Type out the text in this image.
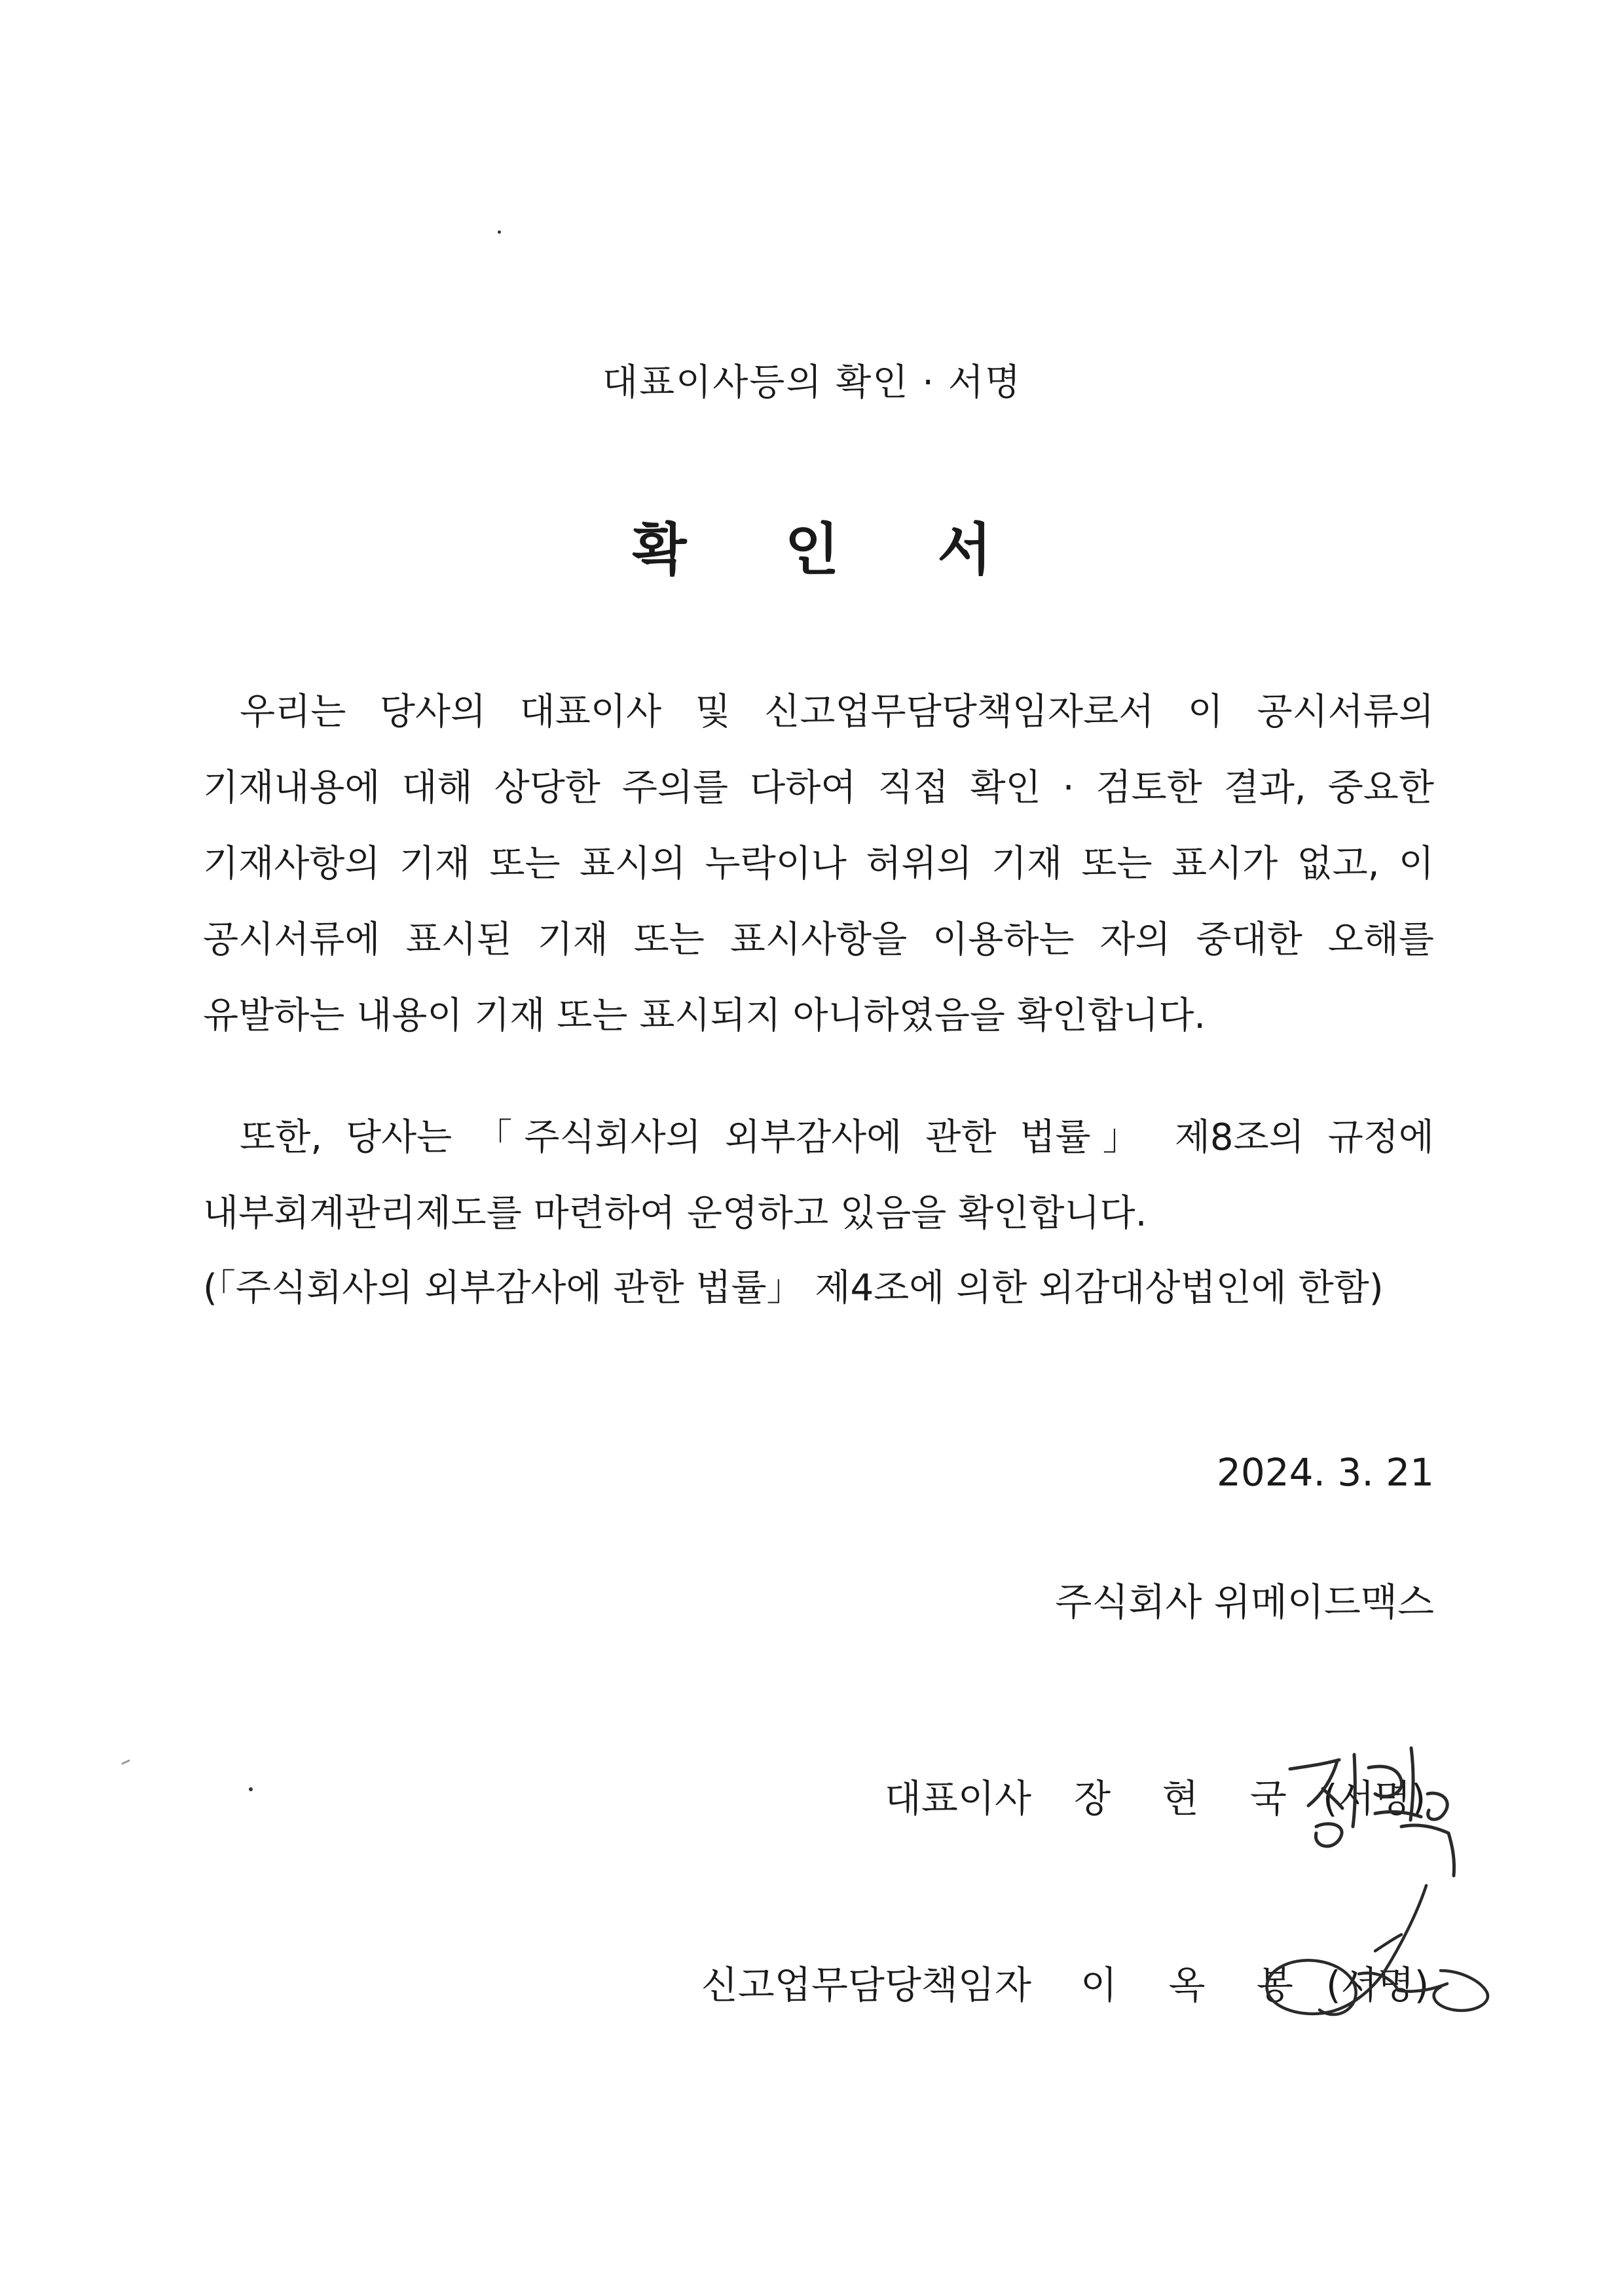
대표이사등의 확인 · 서명
확 인 서
우리는 당사의 대표이사 및 신고업무담당책임자로서 이 공시서류의 기재내용에 대해 상당한 주의를 다하여 직접 확인 · 검토한 결과, 중요한 기재사항의 기재 또는 표시의 누락이나 허위의 기재 또는 표시가 없고, 이 공시서류에 표시된 기재 또는 표시사항을 이용하는 자의 중대한 오해를 유발하는 내용이 기재 또는 표시되지 아니하였음을 확인합니다.
또한, 당사는 「주식회사의 외부감사에 관한 법률」 제8조의 규정에 내부회계관리제도를 마련하여 운영하고 있음을 확인합니다.
(「주식회사의 외부감사에 관한 법률」 제4조에 의한 외감대상법인에 한함)
2024. 3. 21
주식회사 위메이드맥스
대표이사 장 현 국 (서명)
신고업무담당책임자 이 옥 봉 (서명)
